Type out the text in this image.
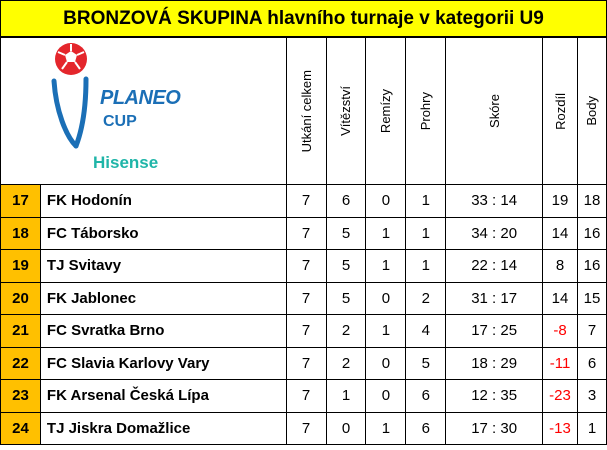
BRONZOVÁ SKUPINA hlavního turnaje v kategorii U9
PLANEO
CUP
Hisense		Utkání celkem	Vítězství	Remízy	Prohry	Skóre	Rozdíl	Body

17	FK Hodonín	7	6	0	1	33 : 14	19	18
18	FC Táborsko	7	5	1	1	34 : 20	14	16
19	TJ Svitavy	7	5	1	1	22 : 14	8	16
20	FK Jablonec	7	5	0	2	31 : 17	14	15
21	FC Svratka Brno	7	2	1	4	17 : 25	-8	7
22	FC Slavia Karlovy Vary	7	2	0	5	18 : 29	-11	6
23	FK Arsenal Česká Lípa	7	1	0	6	12 : 35	-23	3
24	TJ Jiskra Domažlice	7	0	1	6	17 : 30	-13	1
